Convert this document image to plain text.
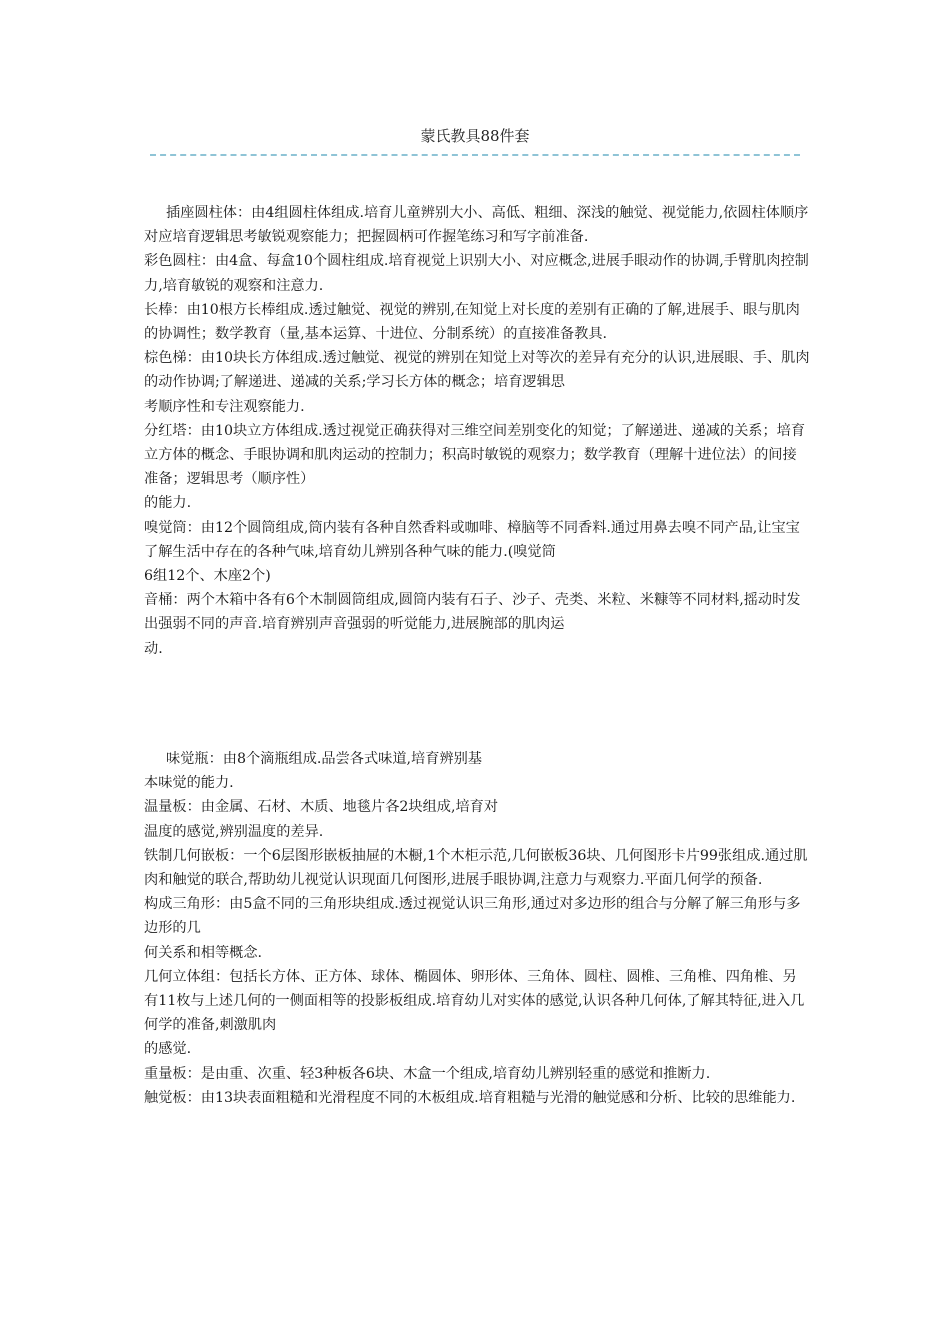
蒙氏教具88件套

插座圆柱体：由4组圆柱体组成.培育儿童辨别大小、高低、粗细、深浅的触觉、视觉能力,依圆柱体顺序对应培育逻辑思考敏锐观察能力；把握圆柄可作握笔练习和写字前准备.

彩色圆柱：由4盒、每盒10个圆柱组成.培育视觉上识别大小、对应概念,进展手眼动作的协调,手臂肌肉控制力,培育敏锐的观察和注意力.

长棒：由10根方长棒组成.透过触觉、视觉的辨别,在知觉上对长度的差别有正确的了解,进展手、眼与肌肉的协调性；数学教育（量,基本运算、十进位、分制系统）的直接准备教具.

棕色梯：由10块长方体组成.透过触觉、视觉的辨别在知觉上对等次的差异有充分的认识,进展眼、手、肌肉的动作协调;了解递进、递减的关系;学习长方体的概念；培育逻辑思

考顺序性和专注观察能力.

分红塔：由10块立方体组成.透过视觉正确获得对三维空间差别变化的知觉；了解递进、递减的关系；培育立方体的概念、手眼协调和肌肉运动的控制力；积高时敏锐的观察力；数学教育（理解十进位法）的间接准备；逻辑思考（顺序性）

的能力.

嗅觉筒：由12个圆筒组成,筒内装有各种自然香料或咖啡、樟脑等不同香料.通过用鼻去嗅不同产品,让宝宝了解生活中存在的各种气味,培育幼儿辨别各种气味的能力.(嗅觉筒

6组12个、木座2个)

音桶：两个木箱中各有6个木制圆筒组成,圆筒内装有石子、沙子、壳类、米粒、米糠等不同材料,摇动时发出强弱不同的声音.培育辨别声音强弱的听觉能力,进展腕部的肌肉运

动.

味觉瓶：由8个滴瓶组成.品尝各式味道,培育辨别基

本味觉的能力.

温量板：由金属、石材、木质、地毯片各2块组成,培育对

温度的感觉,辨别温度的差异.

铁制几何嵌板：一个6层图形嵌板抽屉的木橱,1个木柜示范,几何嵌板36块、几何图形卡片99张组成.通过肌肉和触觉的联合,帮助幼儿视觉认识现面几何图形,进展手眼协调,注意力与观察力.平面几何学的预备.

构成三角形：由5盒不同的三角形块组成.透过视觉认识三角形,通过对多边形的组合与分解了解三角形与多边形的几

何关系和相等概念.

几何立体组：包括长方体、正方体、球体、椭圆体、卵形体、三角体、圆柱、圆椎、三角椎、四角椎、另有11枚与上述几何的一侧面相等的投影板组成.培育幼儿对实体的感觉,认识各种几何体,了解其特征,进入几何学的准备,刺激肌肉

的感觉.

重量板：是由重、次重、轻3种板各6块、木盒一个组成,培育幼儿辨别轻重的感觉和推断力.

触觉板：由13块表面粗糙和光滑程度不同的木板组成.培育粗糙与光滑的触觉感和分析、比较的思维能力.
